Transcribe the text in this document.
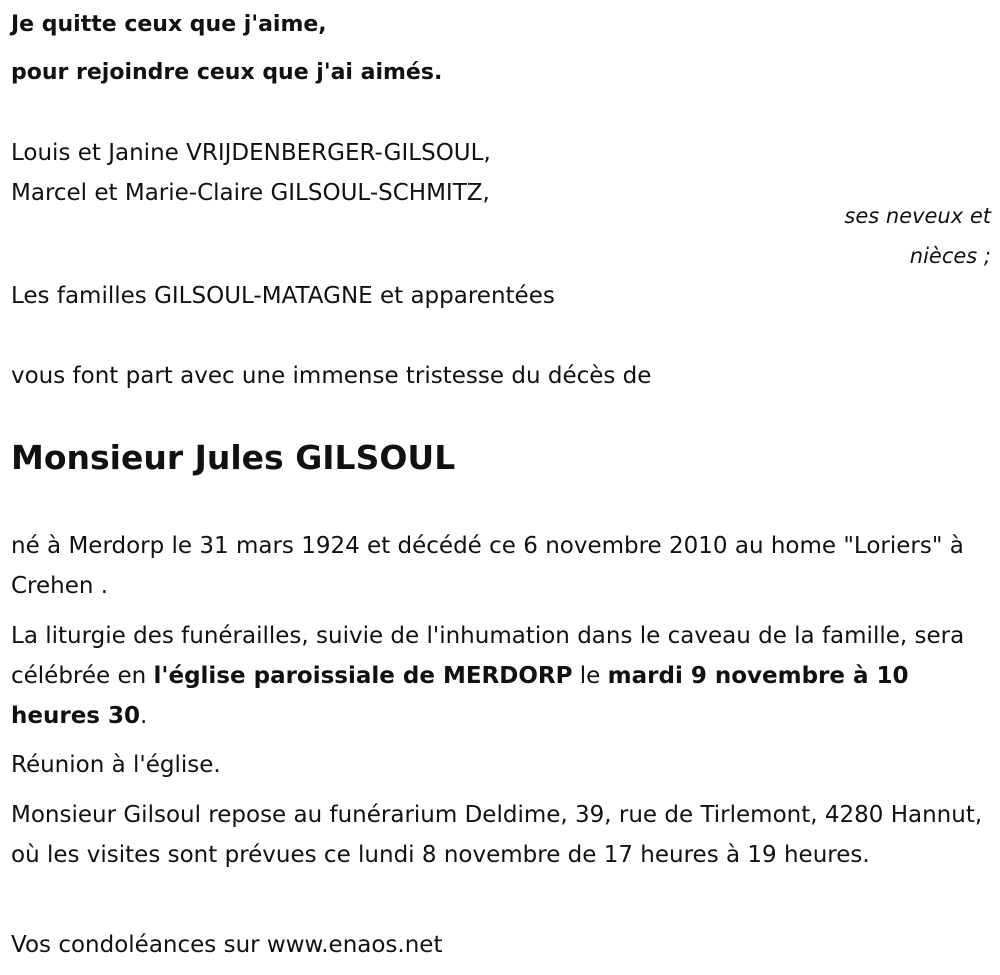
Je quitte ceux que j'aime,

pour rejoindre ceux que j'ai aimés.

Louis et Janine VRIJDENBERGER-GILSOUL,

Marcel et Marie-Claire GILSOUL-SCHMITZ,

ses neveux et

nièces ;

Les familles GILSOUL-MATAGNE et apparentées

vous font part avec une immense tristesse du décès de

Monsieur Jules GILSOUL

né à Merdorp le 31 mars 1924 et décédé ce 6 novembre 2010 au home "Loriers" à Crehen .

La liturgie des funérailles, suivie de l'inhumation dans le caveau de la famille, sera célébrée en l'église paroissiale de MERDORP le mardi 9 novembre à 10 heures 30.

Réunion à l'église.

Monsieur Gilsoul repose au funérarium Deldime, 39, rue de Tirlemont, 4280 Hannut, où les visites sont prévues ce lundi 8 novembre de 17 heures à 19 heures.

Vos condoléances sur www.enaos.net
